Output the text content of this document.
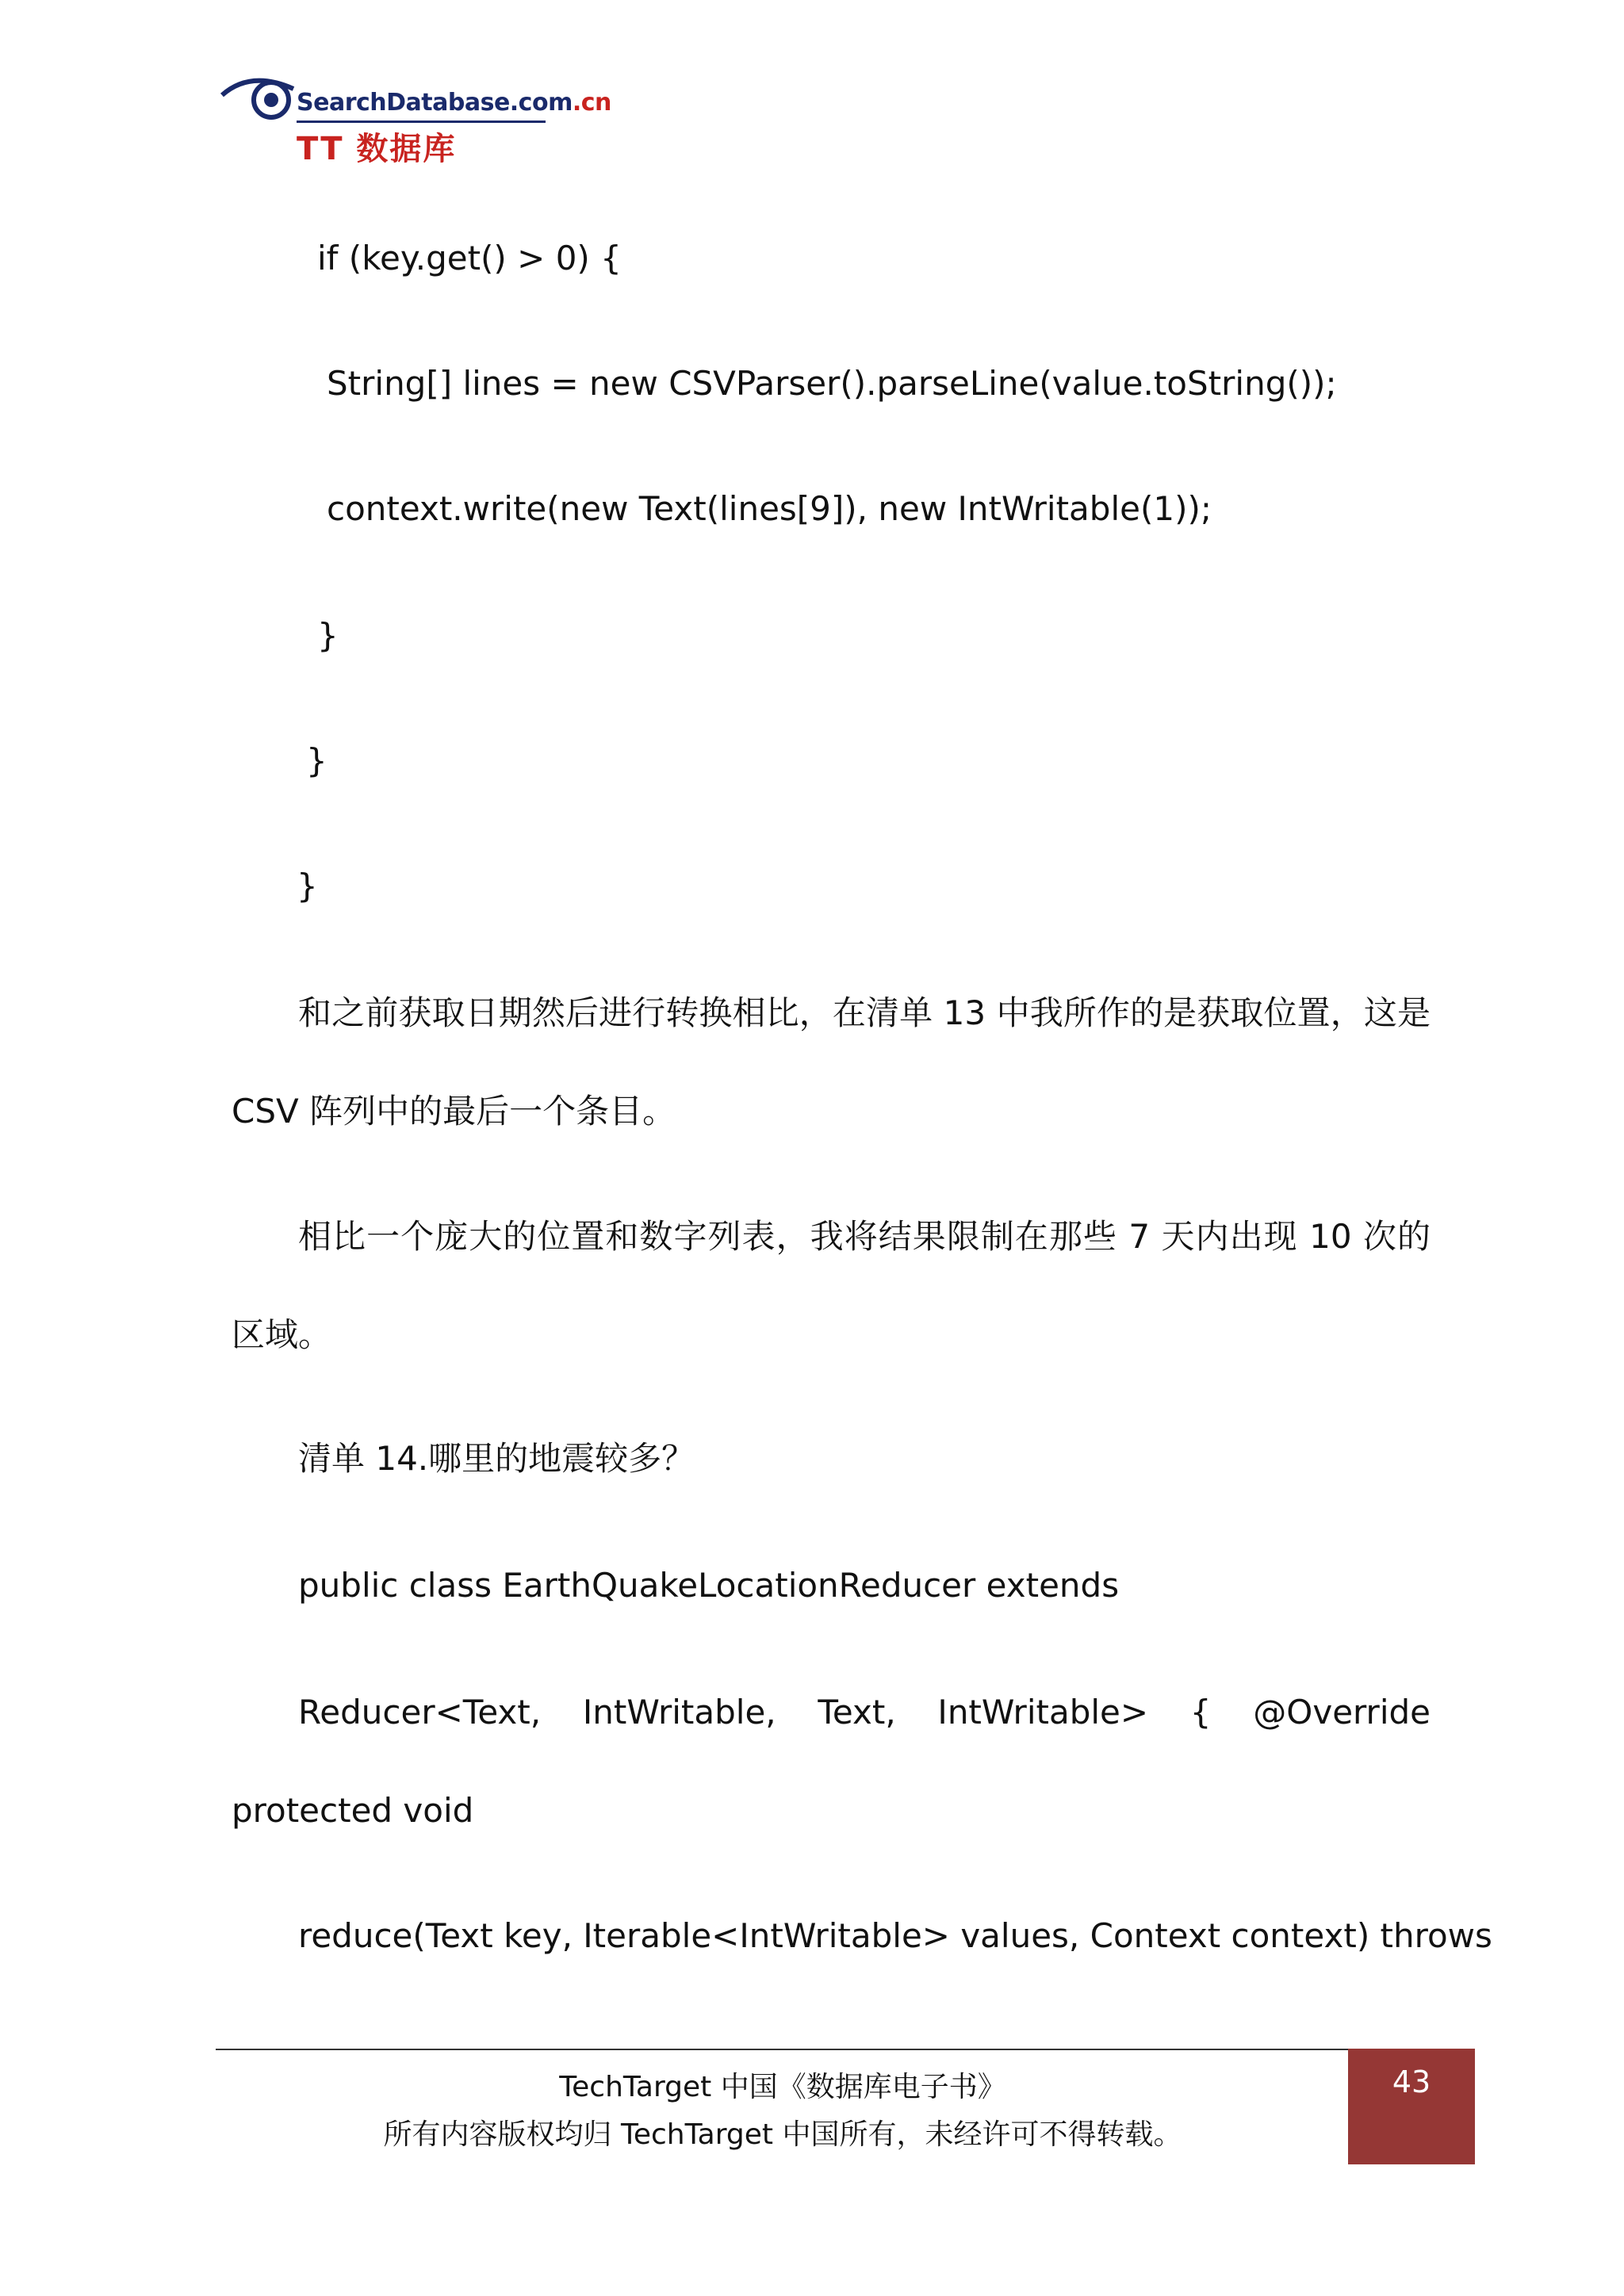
SearchDatabase.com.cn
TT 数据库
if (key.get() > 0) {
String[] lines = new CSVParser().parseLine(value.toString());
context.write(new Text(lines[9]), new IntWritable(1));
}
}
}

和之前获取日期然后进行转换相比，在清单 13 中我所作的是获取位置，这是CSV 阵列中的最后一个条目。

相比一个庞大的位置和数字列表，我将结果限制在那些 7 天内出现 10 次的区域。

清单 14.哪里的地震较多？
public class EarthQuakeLocationReducer extends

Reducer<Text, IntWritable, Text, IntWritable> { @Override protected void

reduce(Text key, Iterable<IntWritable> values, Context context) throws
TechTarget 中国《数据库电子书》
所有内容版权均归 TechTarget 中国所有，未经许可不得转载。
43
